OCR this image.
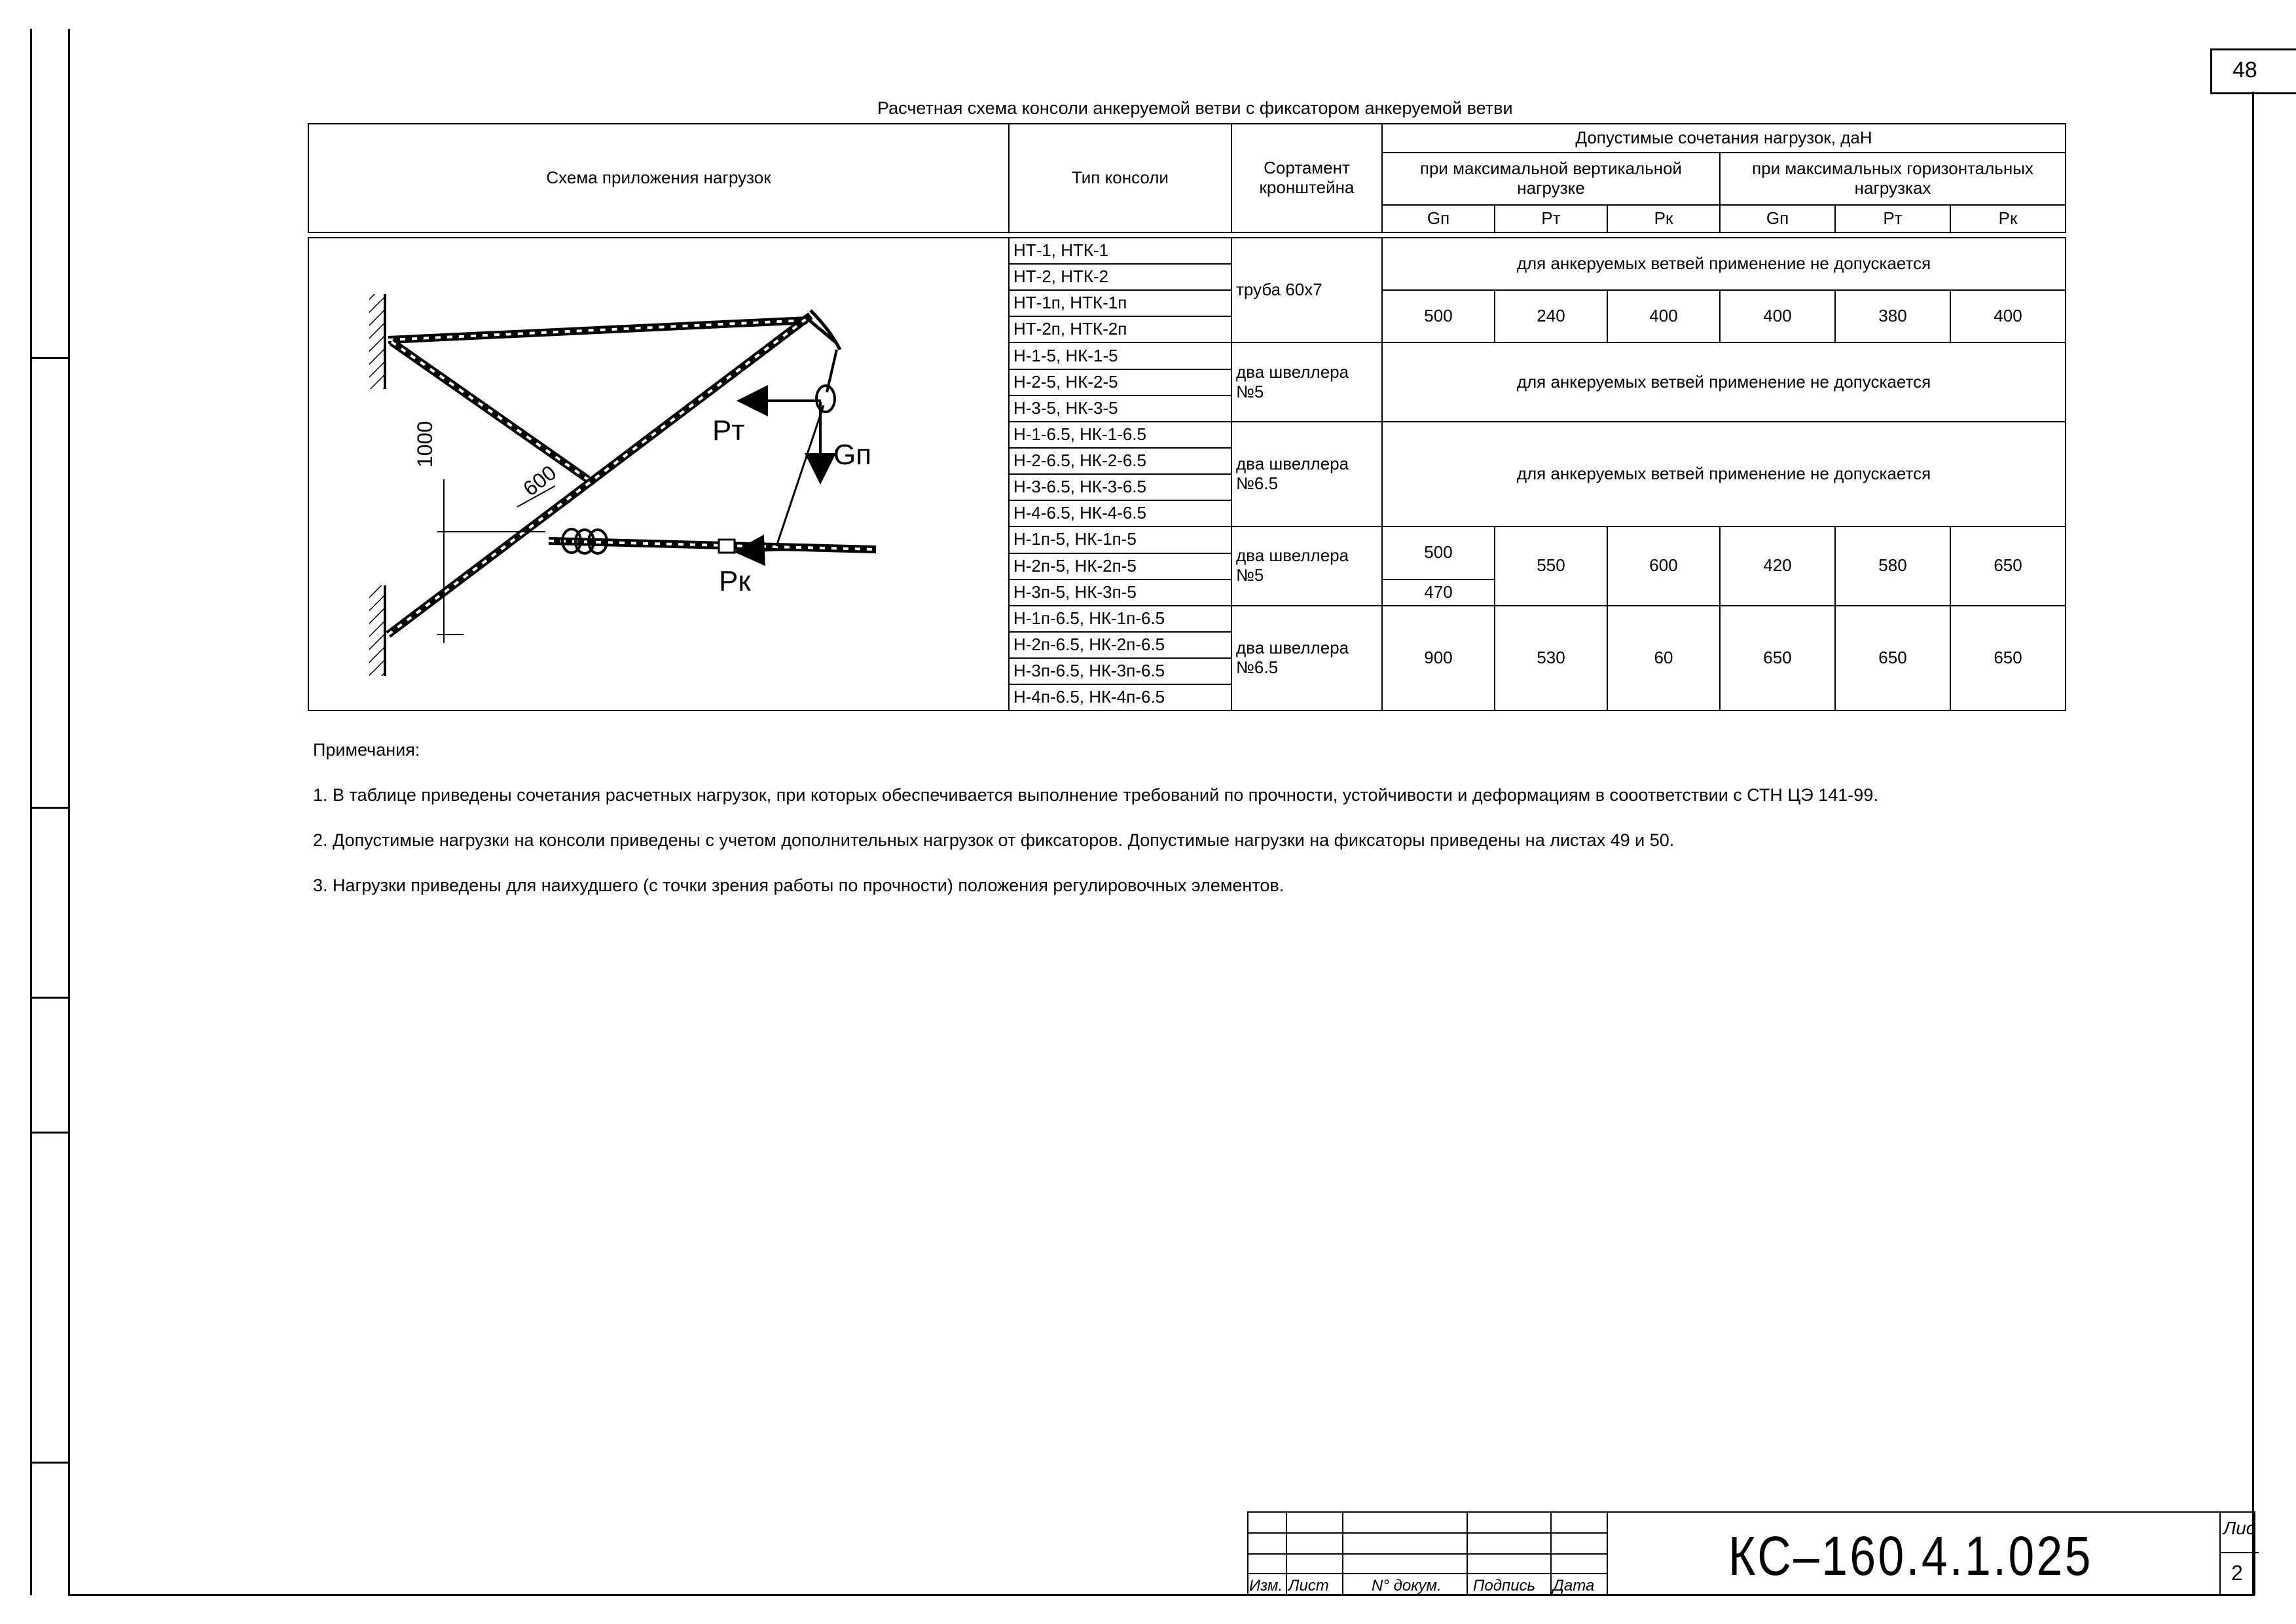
48
Расчетная схема консоли анкеруемой ветви с фиксатором анкеруемой ветви
Схема приложения нагрузок	Тип консоли	Сортамент кронштейна	Допустимые сочетания нагрузок, даН					
			при максимальной вертикальной нагрузке			при максимальных горизонтальных нагрузках		
			Gп	Рт	Рк	Gп	Рт	Рк

1000
600
Рт
Gп
Рк	НТ-1, НТК-1	труба 60х7	для анкеруемых ветвей применение не допускается					
	НТ-2, НТК-2							
	НТ-1п, НТК-1п		500	240	400	400	380	400
	НТ-2п, НТК-2п							
	Н-1-5, НК-1-5	два швеллера №5	для анкеруемых ветвей применение не допускается					
	Н-2-5, НК-2-5							
	Н-3-5, НК-3-5							
	Н-1-6.5, НК-1-6.5	два швеллера №6.5	для анкеруемых ветвей применение не допускается					
	Н-2-6.5, НК-2-6.5							
	Н-3-6.5, НК-3-6.5							
	Н-4-6.5, НК-4-6.5							
	Н-1п-5, НК-1п-5	два швеллера №5	500	550	600	420	580	650
	Н-2п-5, НК-2п-5							
	Н-3п-5, НК-3п-5		470					
	Н-1п-6.5, НК-1п-6.5	два швеллера №6.5	900	530	60	650	650	650
	Н-2п-6.5, НК-2п-6.5							
	Н-3п-6.5, НК-3п-6.5							
	Н-4п-6.5, НК-4п-6.5							

Примечания:

1. В таблице приведены сочетания расчетных нагрузок, при которых обеспечивается выполнение требований по прочности, устойчивости и деформациям в сооответствии с СТН ЦЭ 141-99.

2. Допустимые нагрузки на консоли приведены с учетом дополнительных нагрузок от фиксаторов. Допустимые нагрузки на фиксаторы приведены на листах 49 и 50.

3. Нагрузки приведены для наихудшего (с точки зрения работы по прочности) положения регулировочных элементов.

Изм. Лист	N° докум. Подпись Дата КС–160.4.1.025	Лис
2
